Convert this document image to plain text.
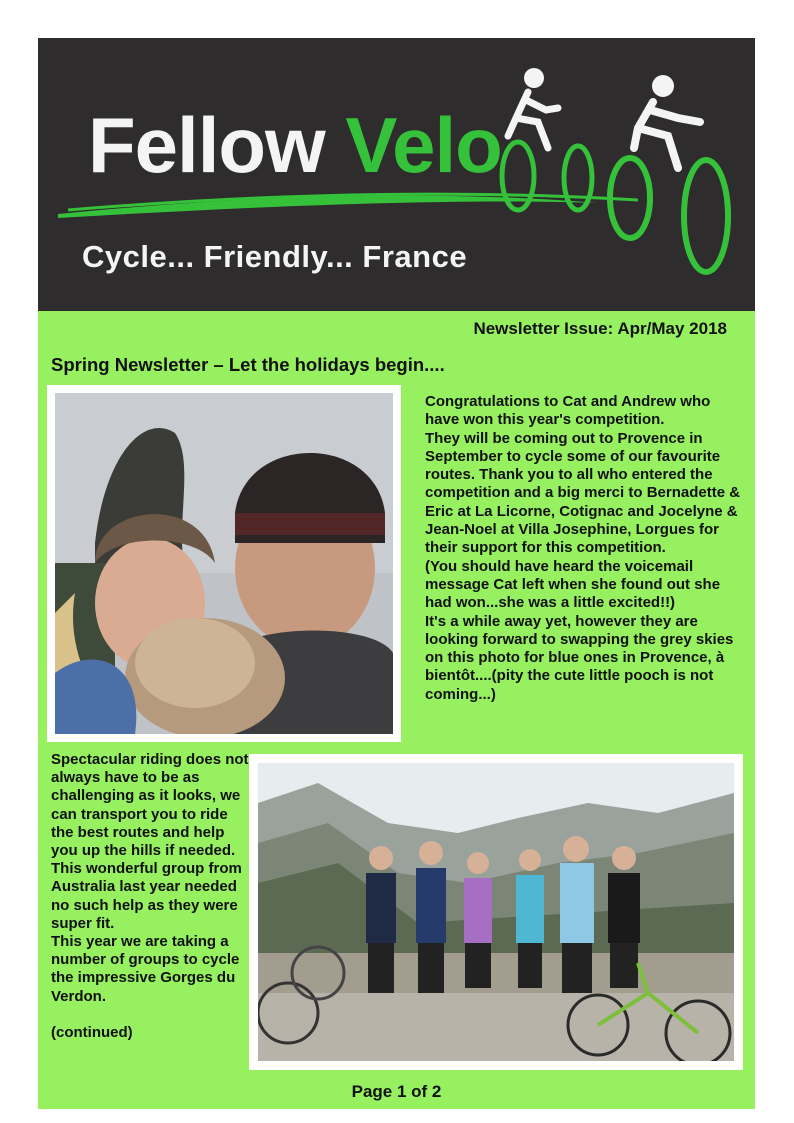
Fellow Velo
Cycle... Friendly... France
Newsletter Issue: Apr/May 2018
Spring Newsletter – Let the holidays begin....

Congratulations to Cat and Andrew who have won this year's competition.

They will be coming out to Provence in September to cycle some of our favourite routes. Thank you to all who entered the competition and a big merci to Bernadette & Eric at La Licorne, Cotignac and Jocelyne & Jean-Noel at Villa Josephine, Lorgues for their support for this competition.

(You should have heard the voicemail message Cat left when she found out she had won...she was a little excited!!)

It's a while away yet, however they are looking forward to swapping the grey skies on this photo for blue ones in Provence, à bientôt....(pity the cute little pooch is not coming...)

Spectacular riding does not always have to be as challenging as it looks, we can transport you to ride the best routes and help you up the hills if needed.

This wonderful group from Australia last year needed no such help as they were super fit.

This year we are taking a number of groups to cycle the impressive Gorges du Verdon.

(continued)

Page 1 of 2
